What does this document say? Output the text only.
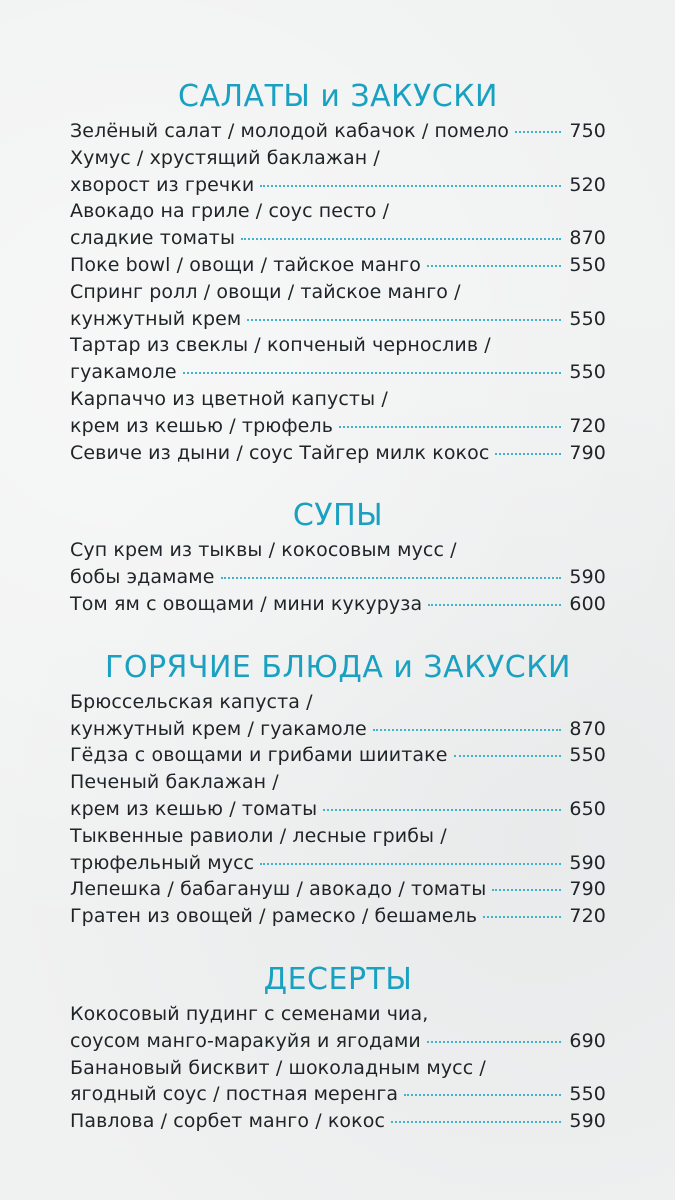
САЛАТЫ и ЗАКУСКИ
Зелёный салат / молодой кабачок / помело	750
Хумус / хрустящий баклажан /
хворост из гречки	520
Авокадо на гриле / соус песто /
сладкие томаты	870
Поке bowl / овощи / тайское манго	550
Спринг ролл / овощи / тайское манго /
кунжутный крем	550
Тартар из свеклы / копченый чернослив /
гуакамоле	550
Карпаччо из цветной капусты /
крем из кешью / трюфель	720
Севиче из дыни / соус Тайгер милк кокос	790
СУПЫ
Суп крем из тыквы / кокосовым мусс /
бобы эдамаме	590
Том ям с овощами / мини кукуруза	600
ГОРЯЧИЕ БЛЮДА и ЗАКУСКИ
Брюссельская капуста /
кунжутный крем / гуакамоле	870
Гёдза с овощами и грибами шиитаке	550
Печеный баклажан /
крем из кешью / томаты	650
Тыквенные равиоли / лесные грибы /
трюфельный мусс	590
Лепешка / бабагануш / авокадо / томаты	790
Гратен из овощей / рамеско / бешамель	720
ДЕСЕРТЫ
Кокосовый пудинг с семенами чиа,
соусом манго-маракуйя и ягодами	690
Банановый бисквит / шоколадным мусс /
ягодный соус / постная меренга	550
Павлова / сорбет манго / кокос	590
